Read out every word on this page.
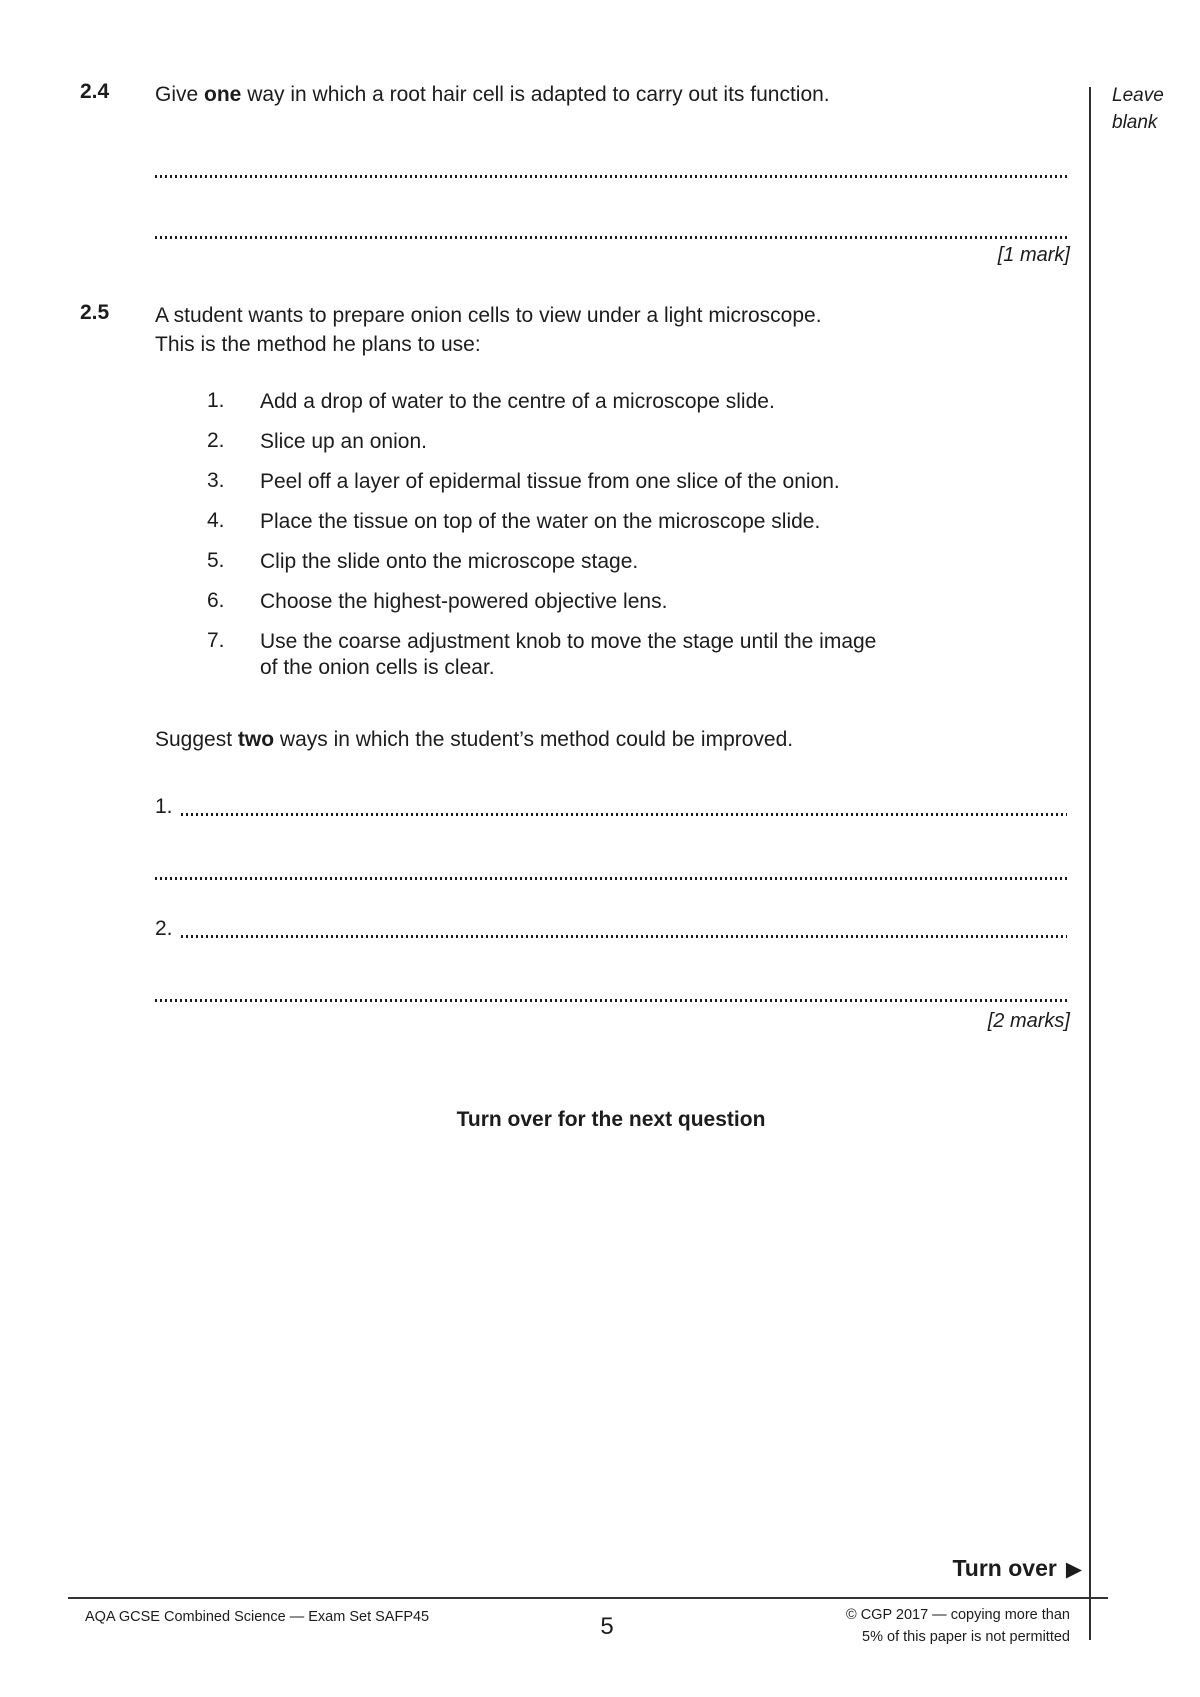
Leave
blank
2.4	Give one way in which a root hair cell is adapted to carry out its function.
[1 mark]
2.5	A student wants to prepare onion cells to view under a light microscope.
This is the method he plans to use:
1.	Add a drop of water to the centre of a microscope slide.
2.	Slice up an onion.
3.	Peel off a layer of epidermal tissue from one slice of the onion.
4.	Place the tissue on top of the water on the microscope slide.
5.	Clip the slide onto the microscope stage.
6.	Choose the highest-powered objective lens.
7.	Use the coarse adjustment knob to move the stage until the image
of the onion cells is clear.
Suggest two ways in which the student’s method could be improved.
1.
2.
[2 marks]
Turn over for the next question
Turn over ▶
AQA GCSE Combined Science — Exam Set SAFP45	5	© CGP 2017 — copying more than
5% of this paper is not permitted
